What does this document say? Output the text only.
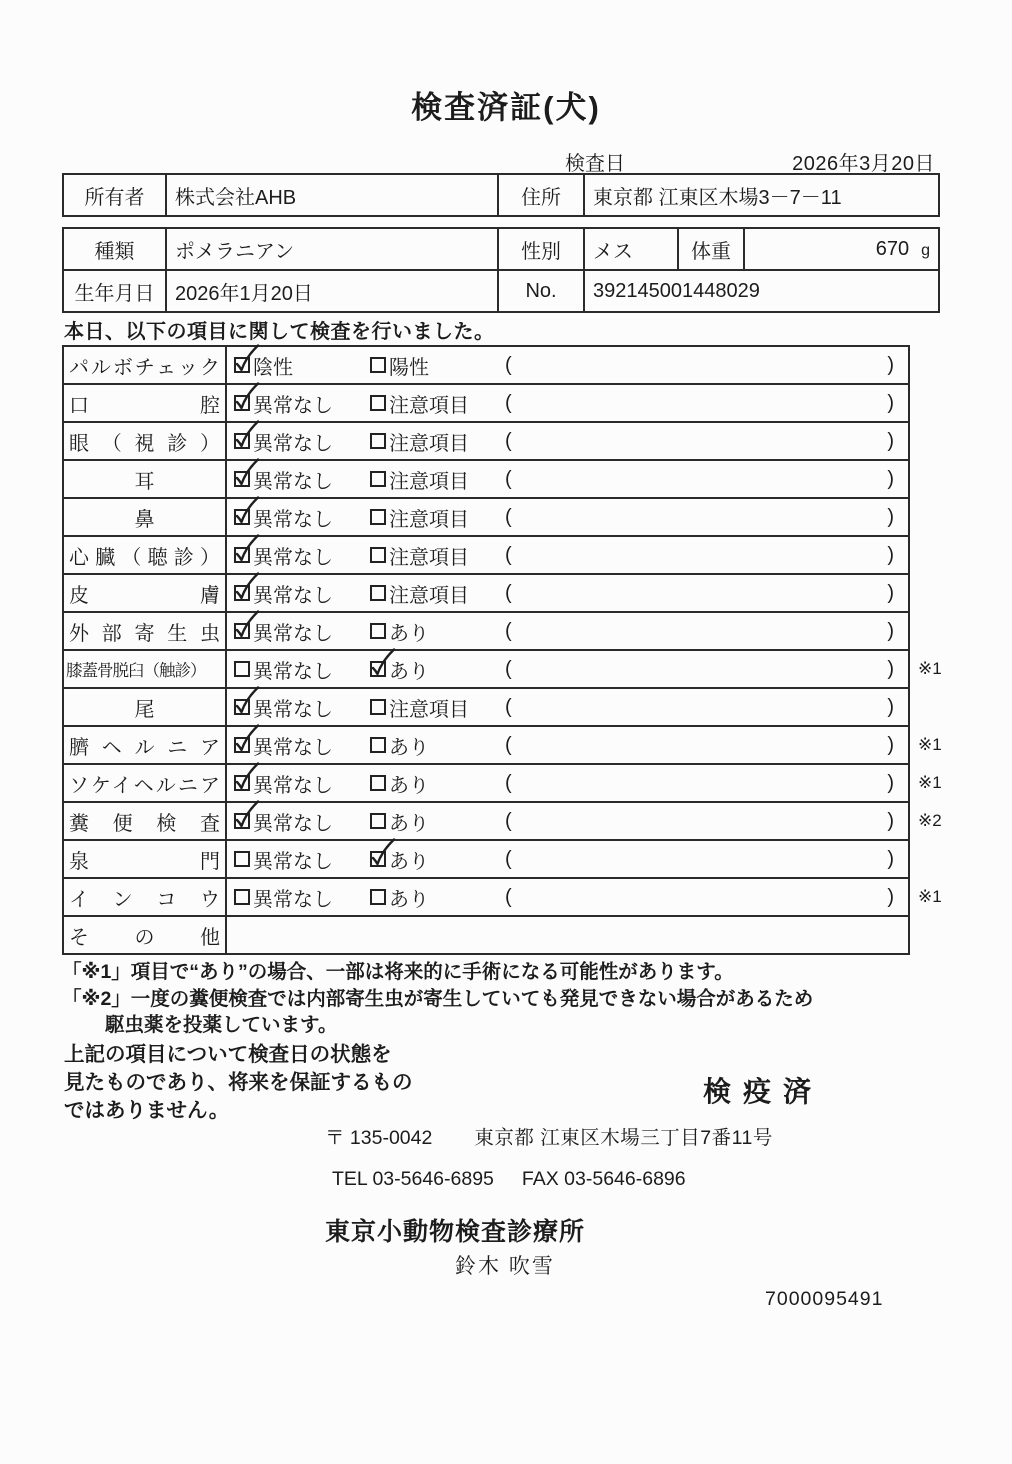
検査済証(犬)
検査日	2026年3月20日
所有者	株式会社AHB	住所	東京都 江東区木場3－7－11
種類	ポメラニアン	性別	メス	体重	670 g
生年月日	2026年1月20日	No.	392145001448029		
本日、以下の項目に関して検査を行いました。
パルボチェック	陰性 陽性 ( )	

口腔	異常なし 注意項目 ( )	

眼（視診）	異常なし 注意項目 ( )	

耳	異常なし 注意項目 ( )	

鼻	異常なし 注意項目 ( )	

心臓（聴診）	異常なし 注意項目 ( )	

皮膚	異常なし 注意項目 ( )	

外部寄生虫	異常なし あり ( )	

膝蓋骨脱臼（触診）	異常なし あり ( )	※1
尾	異常なし 注意項目 ( )	

臍ヘルニア	異常なし あり ( )	※1
ソケイヘルニア	異常なし あり ( )	※1
糞便検査	異常なし あり ( )	※2
泉門	異常なし あり ( )	

インコウ	異常なし あり ( )	※1
その他	

「※1」項目で“あり”の場合、一部は将来的に手術になる可能性があります。
「※2」一度の糞便検査では内部寄生虫が寄生していても発見できない場合があるため
駆虫薬を投薬しています。
上記の項目について検査日の状態を
見たものであり、将来を保証するもの
ではありません。
検疫済
〒 135-0042 東京都 江東区木場三丁目7番11号
TEL 03-5646-6895 FAX 03-5646-6896
東京小動物検査診療所
鈴木 吹雪
7000095491
